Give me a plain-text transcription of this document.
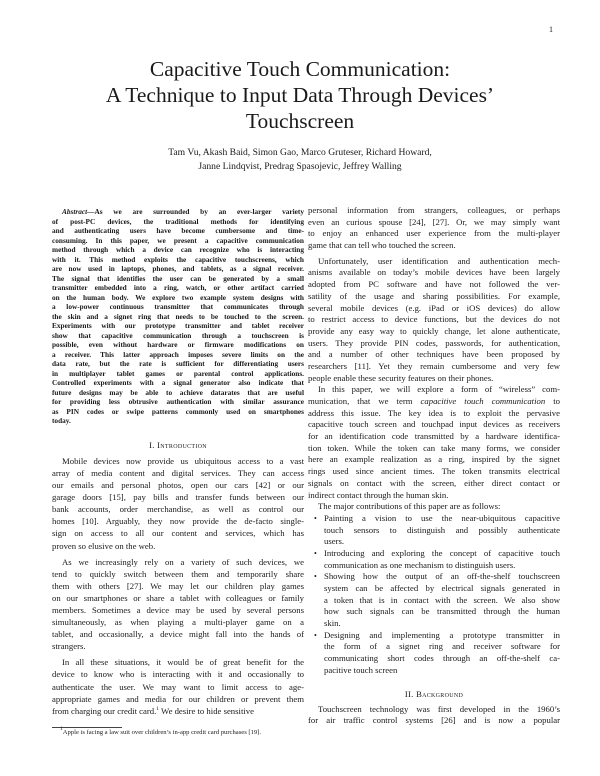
1
Capacitive Touch Communication:
A Technique to Input Data Through Devices’
Touchscreen
Tam Vu, Akash Baid, Simon Gao, Marco Gruteser, Richard Howard,
Janne Lindqvist, Predrag Spasojevic, Jeffrey Walling
Abstract—As we are surrounded by an ever-larger variety
of post-PC devices, the traditional methods for identifying
and authenticating users have become cumbersome and time-
consuming. In this paper, we present a capacitive communication
method through which a device can recognize who is interacting
with it. This method exploits the capacitive touchscreens, which
are now used in laptops, phones, and tablets, as a signal receiver.
The signal that identifies the user can be generated by a small
transmitter embedded into a ring, watch, or other artifact carried
on the human body. We explore two example system designs with
a low-power continuous transmitter that communicates through
the skin and a signet ring that needs to be touched to the screen.
Experiments with our prototype transmitter and tablet receiver
show that capacitive communication through a touchscreen is
possible, even without hardware or firmware modifications on
a receiver. This latter approach imposes severe limits on the
data rate, but the rate is sufficient for differentiating users
in multiplayer tablet games or parental control applications.
Controlled experiments with a signal generator also indicate that
future designs may be able to achieve datarates that are useful
for providing less obtrusive authentication with similar assurance
as PIN codes or swipe patterns commonly used on smartphones
today.
I. Introduction
Mobile devices now provide us ubiquitous access to a vast
array of media content and digital services. They can access
our emails and personal photos, open our cars [42] or our
garage doors [15], pay bills and transfer funds between our
bank accounts, order merchandise, as well as control our
homes [10]. Arguably, they now provide the de-facto single-
sign on access to all our content and services, which has
proven so elusive on the web.
As we increasingly rely on a variety of such devices, we
tend to quickly switch between them and temporarily share
them with others [27]. We may let our children play games
on our smartphones or share a tablet with colleagues or family
members. Sometimes a device may be used by several persons
simultaneously, as when playing a multi-player game on a
tablet, and occasionally, a device might fall into the hands of
strangers.
In all these situations, it would be of great benefit for the
device to know who is interacting with it and occasionally to
authenticate the user. We may want to limit access to age-
appropriate games and media for our children or prevent them
from charging our credit card.$^1$ We desire to hide sensitive
$^1$Apple is facing a law suit over children’s in-app credit card purchases [19].
personal information from strangers, colleagues, or perhaps
even an curious spouse [24], [27]. Or, we may simply want
to enjoy an enhanced user experience from the multi-player
game that can tell who touched the screen.
Unfortunately, user identification and authentication mech-
anisms available on today’s mobile devices have been largely
adopted from PC software and have not followed the ver-
satility of the usage and sharing possibilities. For example,
several mobile devices (e.g. iPad or iOS devices) do allow
to restrict access to device functions, but the devices do not
provide any easy way to quickly change, let alone authenticate,
users. They provide PIN codes, passwords, for authentication,
and a number of other techniques have been proposed by
researchers [11]. Yet they remain cumbersome and very few
people enable these security features on their phones.
In this paper, we will explore a form of “wireless” com-
munication, that we term capacitive touch communication to
address this issue. The key idea is to exploit the pervasive
capacitive touch screen and touchpad input devices as receivers
for an identification code transmitted by a hardware identifica-
tion token. While the token can take many forms, we consider
here an example realization as a ring, inspired by the signet
rings used since ancient times. The token transmits electrical
signals on contact with the screen, either direct contact or
indirect contact through the human skin.
The major contributions of this paper are as follows:
• Painting a vision to use the near-ubiquitous capacitive
touch sensors to distinguish and possibly authenticate
users.
• Introducing and exploring the concept of capacitive touch
communication as one mechanism to distinguish users.
• Showing how the output of an off-the-shelf touchscreen
system can be affected by electrical signals generated in
a token that is in contact with the screen. We also show
how such signals can be transmitted through the human
skin.
• Designing and implementing a prototype transmitter in
the form of a signet ring and receiver software for
communicating short codes through an off-the-shelf ca-
pacitive touch screen
II. Background
Touchscreen technology was first developed in the 1960’s
for air traffic control systems [26] and is now a popular
